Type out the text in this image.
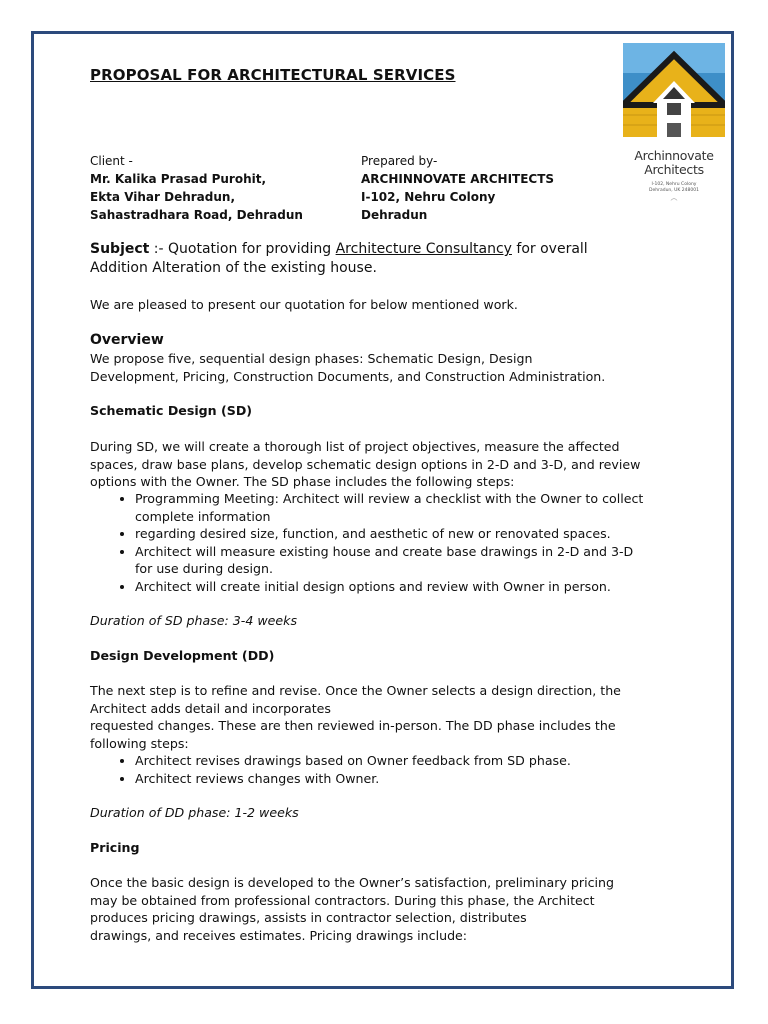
PROPOSAL FOR ARCHITECTURAL SERVICES
Archinnovate
Architects
I-102, Nehru Colony
Dehradun, UK 248001
︵
Client -
Mr. Kalika Prasad Purohit,
Ekta Vihar Dehradun,
Sahastradhara Road, Dehradun
Prepared by-
ARCHINNOVATE ARCHITECTS
I-102, Nehru Colony
Dehradun
Subject :- Quotation for providing Architecture Consultancy for overall
Addition Alteration of the existing house.
We are pleased to present our quotation for below mentioned work.
Overview
We propose five, sequential design phases: Schematic Design, Design
Development, Pricing, Construction Documents, and Construction Administration.
Schematic Design (SD)
During SD, we will create a thorough list of project objectives, measure the affected
spaces, draw base plans, develop schematic design options in 2-D and 3-D, and review
options with the Owner. The SD phase includes the following steps:
• Programming Meeting: Architect will review a checklist with the Owner to collect
complete information
• regarding desired size, function, and aesthetic of new or renovated spaces.
• Architect will measure existing house and create base drawings in 2-D and 3-D
for use during design.
• Architect will create initial design options and review with Owner in person.
Duration of SD phase: 3-4 weeks
Design Development (DD)
The next step is to refine and revise. Once the Owner selects a design direction, the
Architect adds detail and incorporates
requested changes. These are then reviewed in-person. The DD phase includes the
following steps:
• Architect revises drawings based on Owner feedback from SD phase.
• Architect reviews changes with Owner.
Duration of DD phase: 1-2 weeks
Pricing
Once the basic design is developed to the Owner’s satisfaction, preliminary pricing
may be obtained from professional contractors. During this phase, the Architect
produces pricing drawings, assists in contractor selection, distributes
drawings, and receives estimates. Pricing drawings include:
